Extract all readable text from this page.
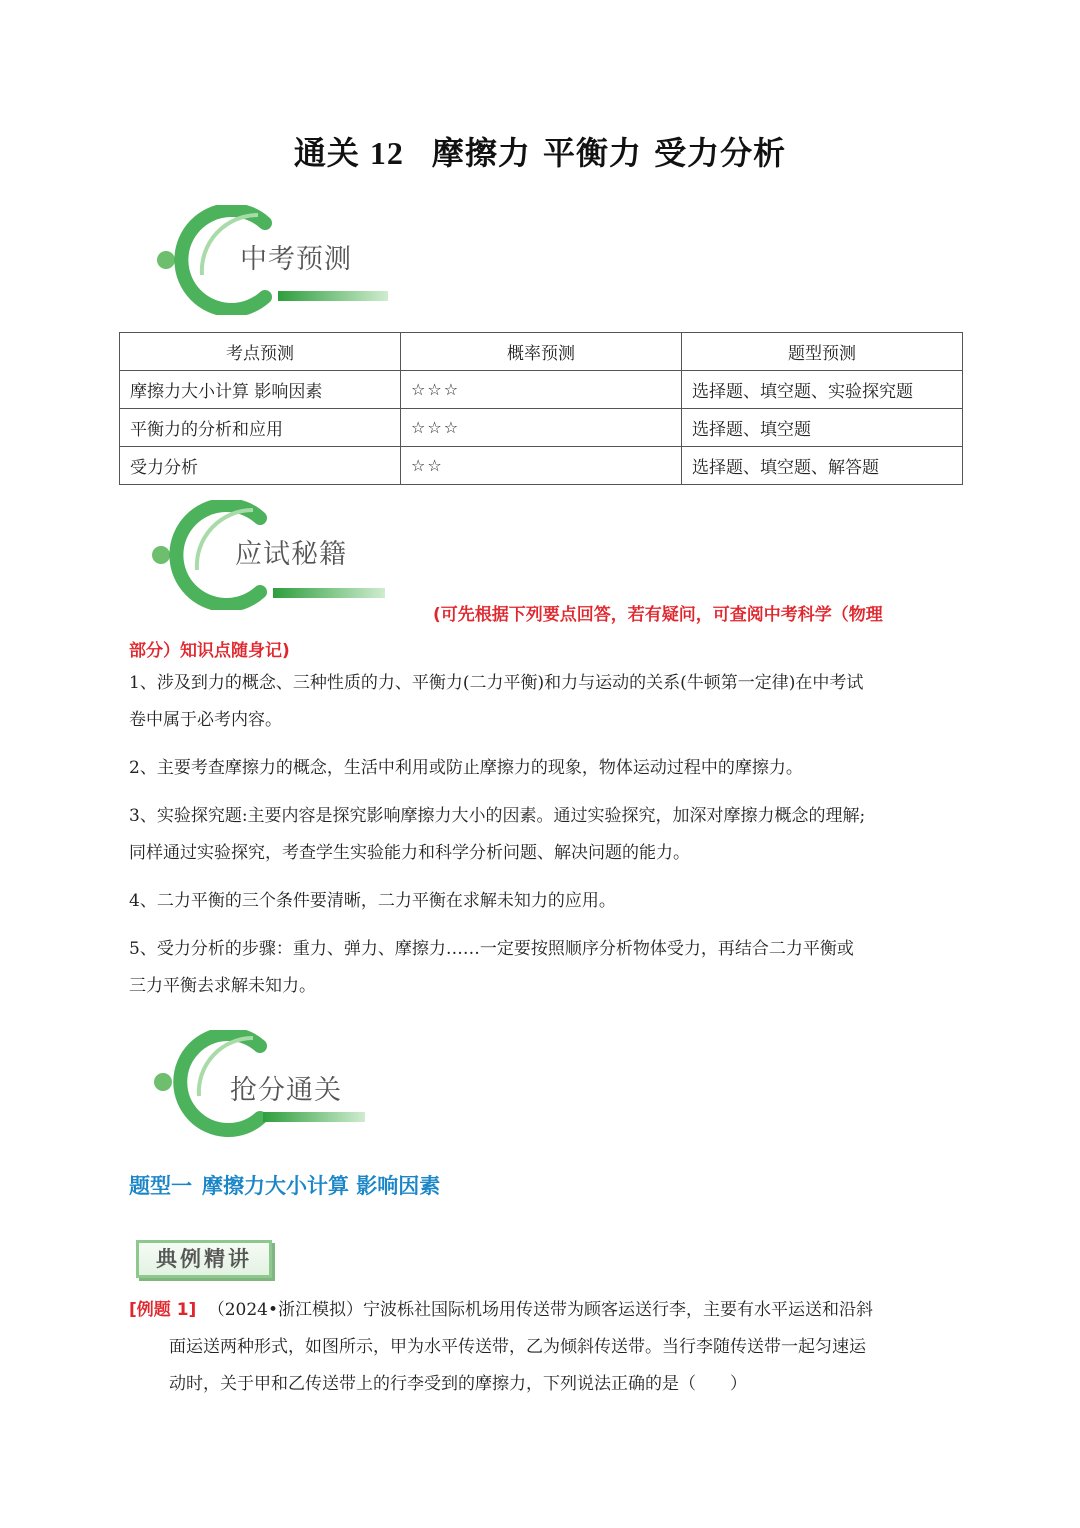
通关 12 摩擦力 平衡力 受力分析
中考预测
考点预测	概率预测	题型预测
摩擦力大小计算 影响因素	☆☆☆	选择题、填空题、实验探究题
平衡力的分析和应用	☆☆☆	选择题、填空题
受力分析	☆☆	选择题、填空题、解答题
应试秘籍
(可先根据下列要点回答，若有疑问，可查阅中考科学（物理
部分）知识点随身记)
1、涉及到力的概念、三种性质的力、平衡力(二力平衡)和力与运动的关系(牛顿第一定律)在中考试
卷中属于必考内容。
2、主要考查摩擦力的概念，生活中利用或防止摩擦力的现象，物体运动过程中的摩擦力。
3、实验探究题:主要内容是探究影响摩擦力大小的因素。通过实验探究，加深对摩擦力概念的理解;
同样通过实验探究，考查学生实验能力和科学分析问题、解决问题的能力。
4、二力平衡的三个条件要清晰，二力平衡在求解未知力的应用。
5、受力分析的步骤：重力、弹力、摩擦力……一定要按照顺序分析物体受力，再结合二力平衡或
三力平衡去求解未知力。
抢分通关
题型一 摩擦力大小计算 影响因素
典例精讲
[例题 1] （2024•浙江模拟）宁波栎社国际机场用传送带为顾客运送行李，主要有水平运送和沿斜
面运送两种形式，如图所示，甲为水平传送带，乙为倾斜传送带。当行李随传送带一起匀速运
动时，关于甲和乙传送带上的行李受到的摩擦力，下列说法正确的是（　　）
